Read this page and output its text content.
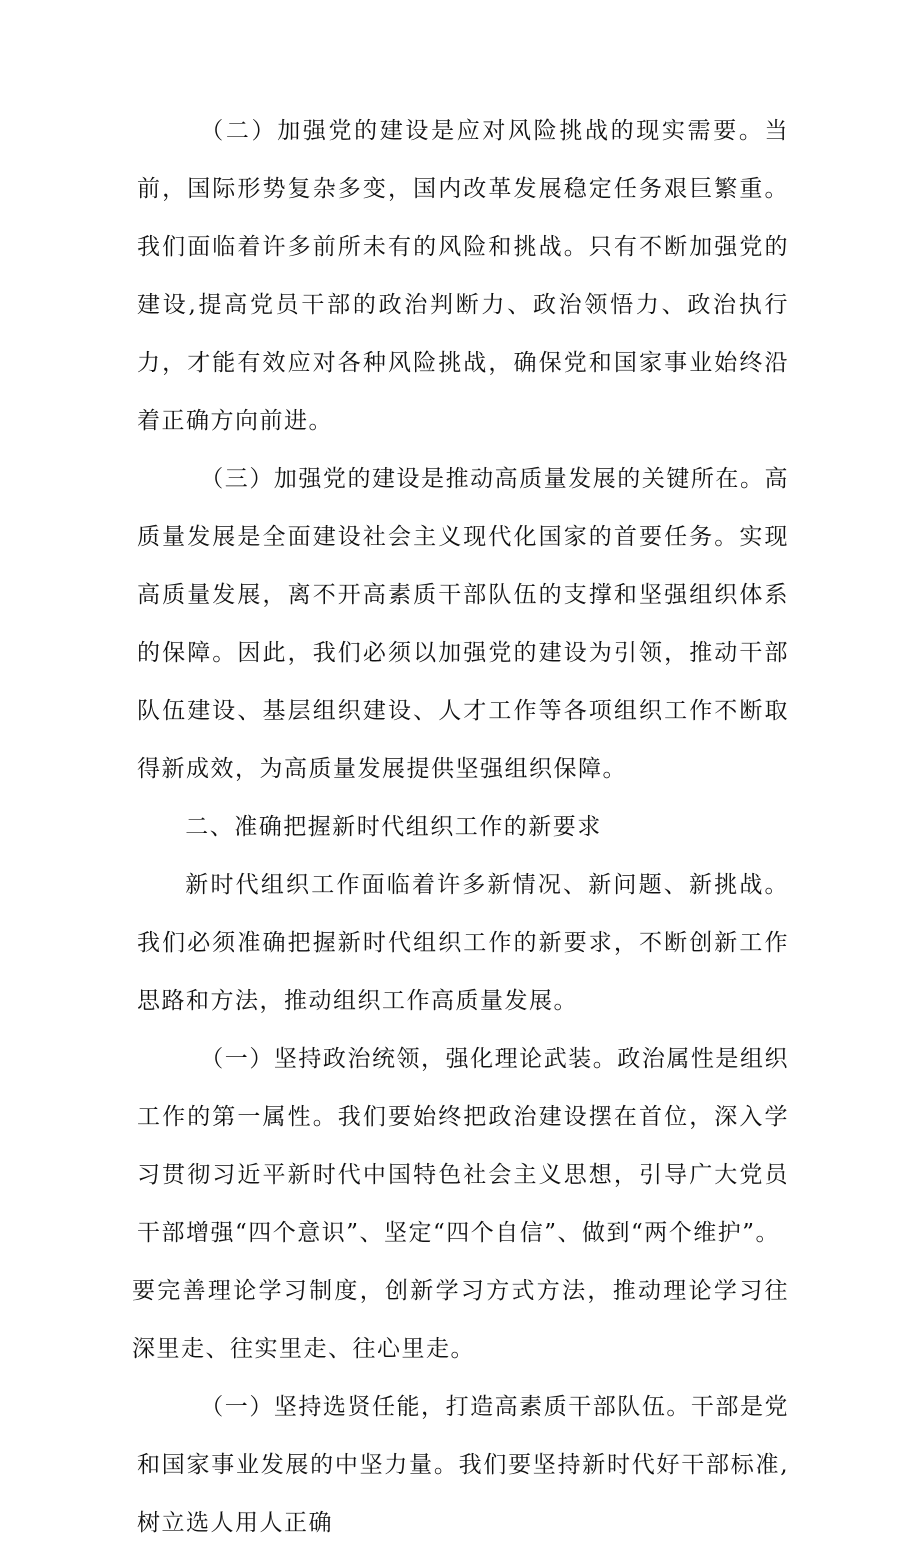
（二）加强党的建设是应对风险挑战的现实需要。当前，国际形势复杂多变，国内改革发展稳定任务艰巨繁重。我们面临着许多前所未有的风险和挑战。只有不断加强党的建设,提高党员干部的政治判断力、政治领悟力、政治执行力，才能有效应对各种风险挑战，确保党和国家事业始终沿着正确方向前进。

（三）加强党的建设是推动高质量发展的关键所在。高质量发展是全面建设社会主义现代化国家的首要任务。实现高质量发展，离不开高素质干部队伍的支撑和坚强组织体系的保障。因此，我们必须以加强党的建设为引领，推动干部队伍建设、基层组织建设、人才工作等各项组织工作不断取得新成效，为高质量发展提供坚强组织保障。

二、准确把握新时代组织工作的新要求

新时代组织工作面临着许多新情况、新问题、新挑战。我们必须准确把握新时代组织工作的新要求，不断创新工作思路和方法，推动组织工作高质量发展。

（一）坚持政治统领，强化理论武装。政治属性是组织工作的第一属性。我们要始终把政治建设摆在首位，深入学习贯彻习近平新时代中国特色社会主义思想，引导广大党员干部增强“四个意识”、坚定“四个自信”、做到“两个维护”。

要完善理论学习制度，创新学习方式方法，推动理论学习往深里走、往实里走、往心里走。

（一）坚持选贤任能，打造高素质干部队伍。干部是党和国家事业发展的中坚力量。我们要坚持新时代好干部标准,树立选人用人正确
